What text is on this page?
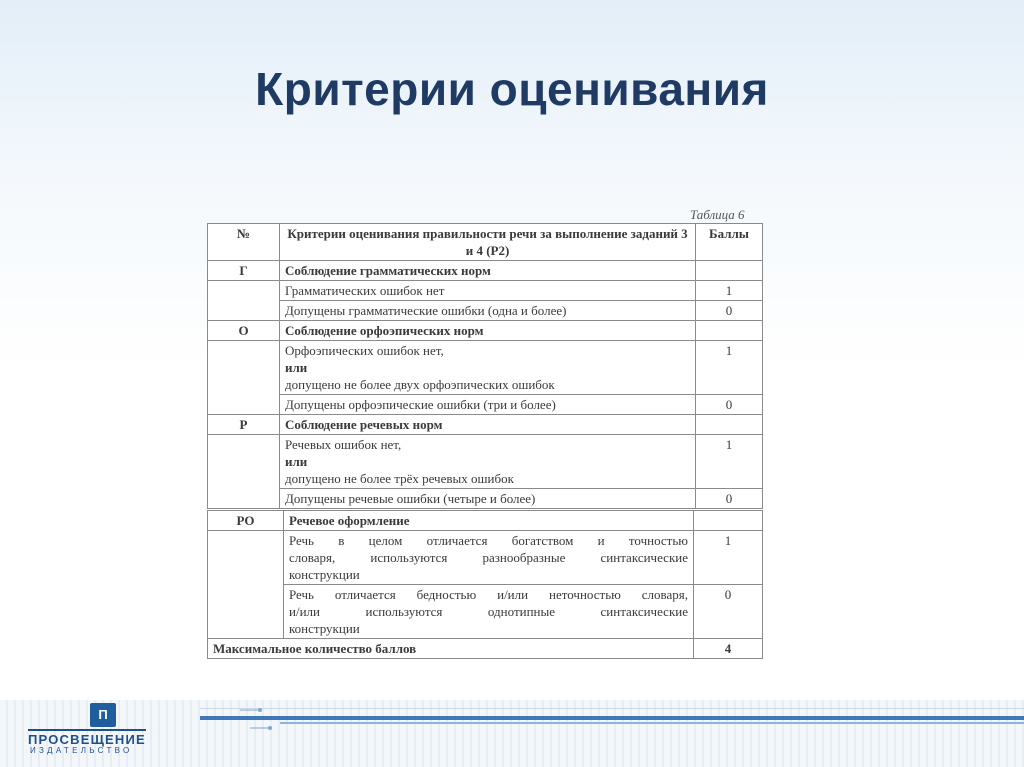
Критерии оценивания
Таблица 6
№	Критерии оценивания правильности речи за выполнение заданий 3 и 4 (Р2)	Баллы
Г	Соблюдение грамматических норм	
	Грамматических ошибок нет	1
	Допущены грамматические ошибки (одна и более)	0
О	Соблюдение орфоэпических норм	

	Орфоэпических ошибок нет,
или
допущено не более двух орфоэпических ошибок	1
	Допущены орфоэпические ошибки (три и более)	0
Р	Соблюдение речевых норм	

	Речевых ошибок нет,
или
допущено не более трёх речевых ошибок	1
	Допущены речевые ошибки (четыре и более)	0
РО	Речевое оформление	

	Речь в целом отличается богатством и точностью
словаря, используются разнообразные синтаксические
конструкции	1

	Речь отличается бедностью и/или неточностью словаря,
и/или используются однотипные синтаксические
конструкции	0
Максимальное количество баллов		4
П
ПРОСВЕЩЕНИЕ
ИЗДАТЕЛЬСТВО
